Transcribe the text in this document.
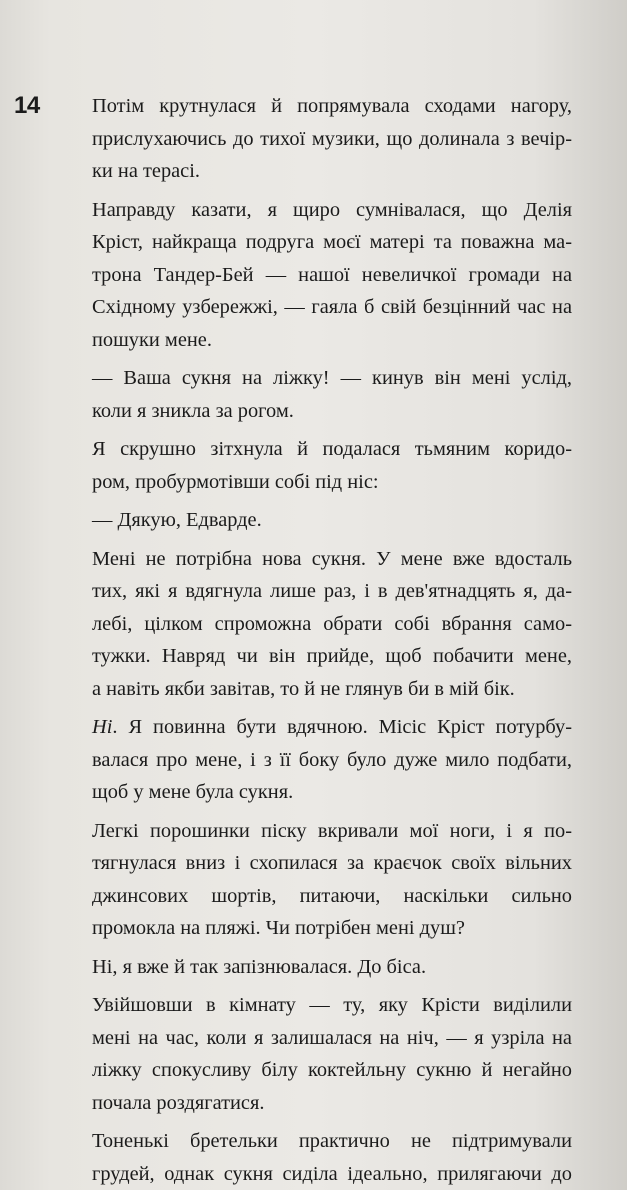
14	Потім крутнулася й попрямувала сходами нагору,
прислухаючись до тихої музики, що долинала з вечір-
ки на терасі.

Направду казати, я щиро сумнівалася, що Делія
Кріст, найкраща подруга моєї матері та поважна ма-
трона Тандер-Бей — нашої невеличкої громади на
Східному узбережжі, — гаяла б свій безцінний час на
пошуки мене.

— Ваша сукня на ліжку! — кинув він мені услід,
коли я зникла за рогом.

Я скрушно зітхнула й подалася тьмяним коридо-
ром, пробурмотівши собі під ніс:

— Дякую, Едварде.

Мені не потрібна нова сукня. У мене вже вдосталь
тих, які я вдягнула лише раз, і в дев'ятнадцять я, да-
лебі, цілком спроможна обрати собі вбрання само-
тужки. Навряд чи він прийде, щоб побачити мене,
а навіть якби завітав, то й не глянув би в мій бік.

Ні. Я повинна бути вдячною. Місіс Кріст потурбу-
валася про мене, і з її боку було дуже мило подбати,
щоб у мене була сукня.

Легкі порошинки піску вкривали мої ноги, і я по-
тягнулася вниз і схопилася за краєчок своїх вільних
джинсових шортів, питаючи, наскільки сильно
промокла на пляжі. Чи потрібен мені душ?

Ні, я вже й так запізнювалася. До біса.

Увійшовши в кімнату — ту, яку Крісти виділили
мені на час, коли я залишалася на ніч, — я узріла на
ліжку спокусливу білу коктейльну сукню й негайно
почала роздягатися.

Тоненькі бретельки практично не підтримували
грудей, однак сукня сиділа ідеально, прилягаючи до
